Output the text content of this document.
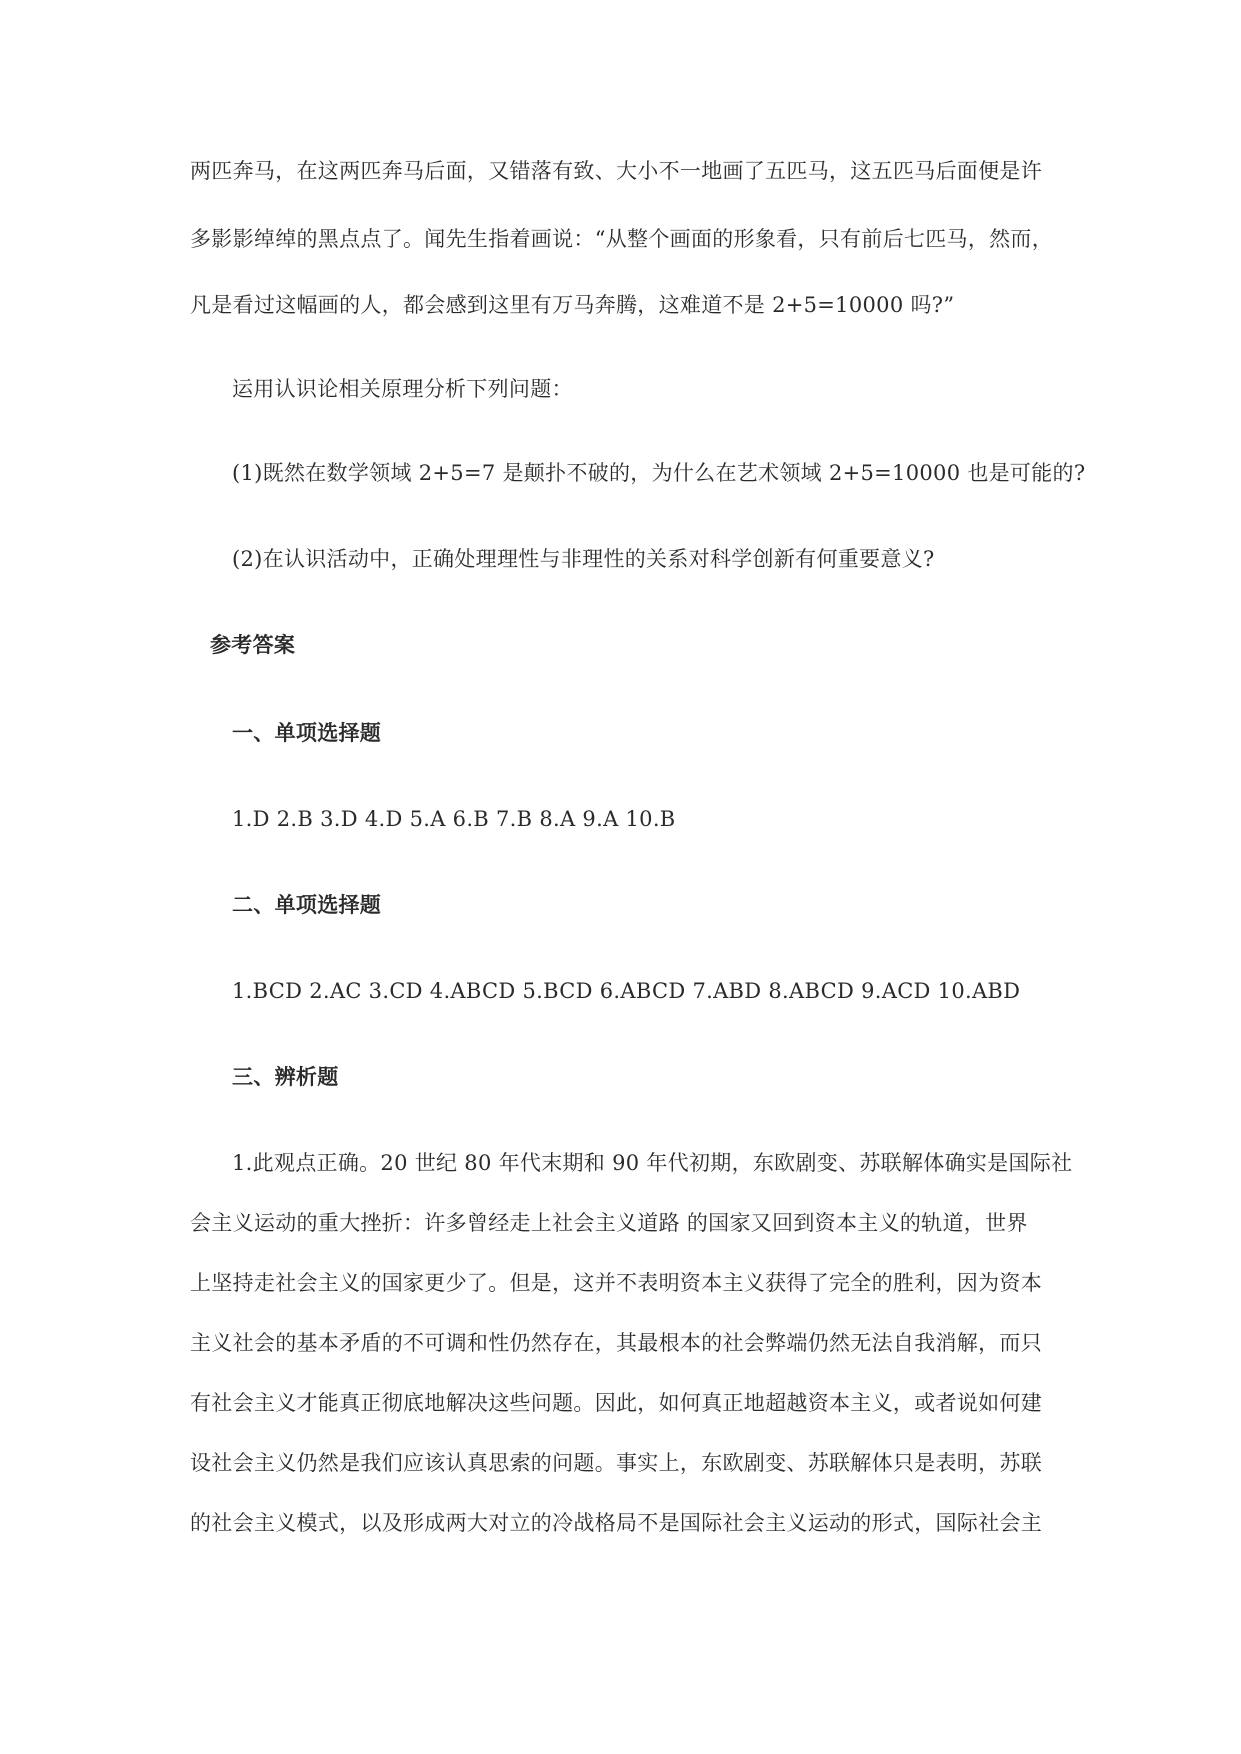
两匹奔马，在这两匹奔马后面，又错落有致、大小不一地画了五匹马，这五匹马后面便是许
多影影绰绰的黑点点了。闻先生指着画说：“从整个画面的形象看，只有前后七匹马，然而，
凡是看过这幅画的人，都会感到这里有万马奔腾，这难道不是 2+5=10000 吗?”
运用认识论相关原理分析下列问题：
(1)既然在数学领域 2+5=7 是颠扑不破的，为什么在艺术领域 2+5=10000 也是可能的?
(2)在认识活动中，正确处理理性与非理性的关系对科学创新有何重要意义?
参考答案
一、单项选择题
1.D 2.B 3.D 4.D 5.A 6.B 7.B 8.A 9.A 10.B
二、单项选择题
1.BCD 2.AC 3.CD 4.ABCD 5.BCD 6.ABCD 7.ABD 8.ABCD 9.ACD 10.ABD
三、辨析题
1.此观点正确。20 世纪 80 年代末期和 90 年代初期，东欧剧变、苏联解体确实是国际社
会主义运动的重大挫折：许多曾经走上社会主义道路 的国家又回到资本主义的轨道，世界
上坚持走社会主义的国家更少了。但是，这并不表明资本主义获得了完全的胜利，因为资本
主义社会的基本矛盾的不可调和性仍然存在，其最根本的社会弊端仍然无法自我消解，而只
有社会主义才能真正彻底地解决这些问题。因此，如何真正地超越资本主义，或者说如何建
设社会主义仍然是我们应该认真思索的问题。事实上，东欧剧变、苏联解体只是表明，苏联
的社会主义模式，以及形成两大对立的冷战格局不是国际社会主义运动的形式，国际社会主
